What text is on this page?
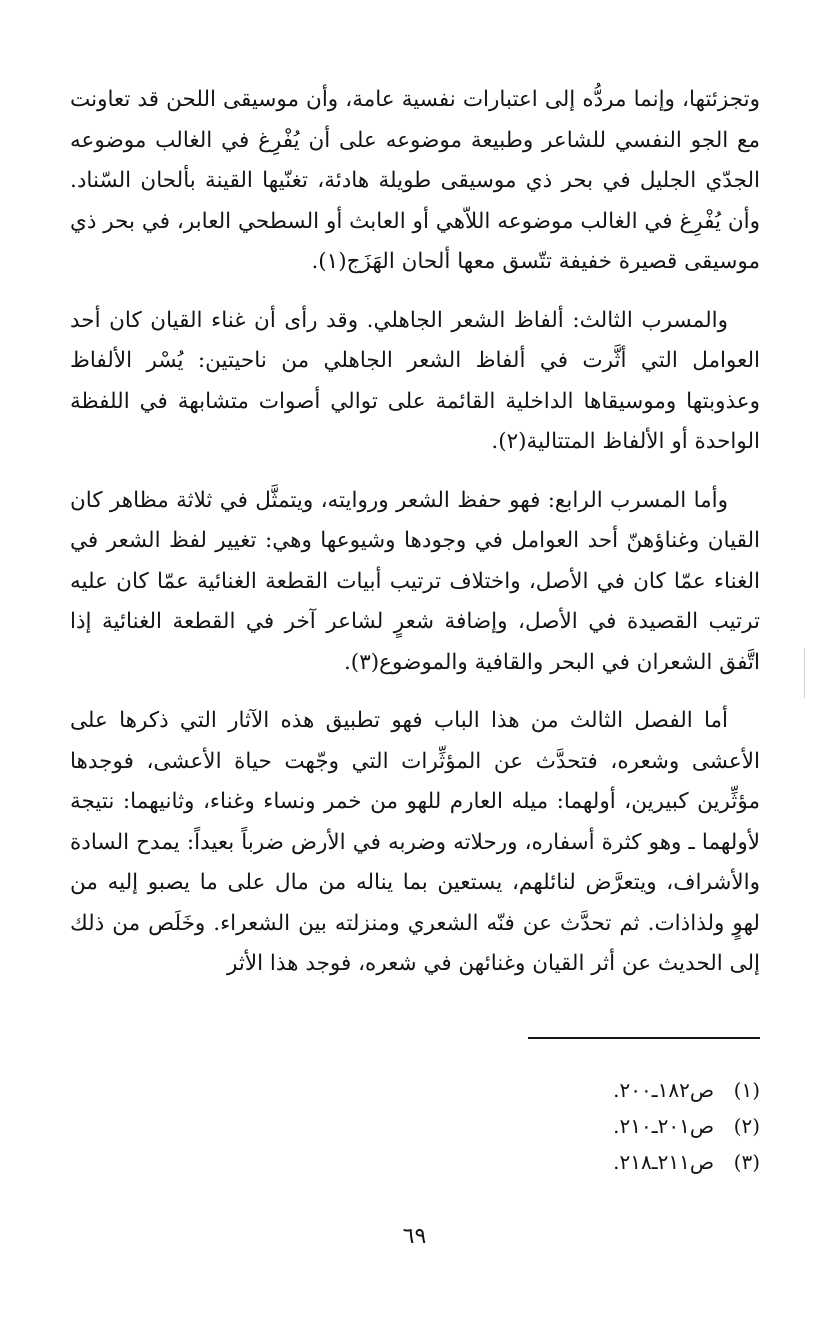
وتجزئتها، وإنما مردُّه إلى اعتبارات نفسية عامة، وأن موسيقى اللحن قد تعاونت مع الجو النفسي للشاعر وطبيعة موضوعه على أن يُفْرِغ في الغالب موضوعه الجدّي الجليل في بحر ذي موسيقى طويلة هادئة، تغنّيها القينة بألحان السّناد. وأن يُفْرِغ في الغالب موضوعه اللاّهي أو العابث أو السطحي العابر، في بحر ذي موسيقى قصيرة خفيفة تتّسق معها ألحان الهَزَج(١).

والمسرب الثالث: ألفاظ الشعر الجاهلي. وقد رأى أن غناء القيان كان أحد العوامل التي أثَّرت في ألفاظ الشعر الجاهلي من ناحيتين: يُسْر الألفاظ وعذوبتها وموسيقاها الداخلية القائمة على توالي أصوات متشابهة في اللفظة الواحدة أو الألفاظ المتتالية(٢).

وأما المسرب الرابع: فهو حفظ الشعر وروايته، ويتمثَّل في ثلاثة مظاهر كان القيان وغناؤهنّ أحد العوامل في وجودها وشيوعها وهي: تغيير لفظ الشعر في الغناء عمّا كان في الأصل، واختلاف ترتيب أبيات القطعة الغنائية عمّا كان عليه ترتيب القصيدة في الأصل، وإضافة شعرٍ لشاعر آخر في القطعة الغنائية إذا اتَّفق الشعران في البحر والقافية والموضوع(٣).

أما الفصل الثالث من هذا الباب فهو تطبيق هذه الآثار التي ذكرها على الأعشى وشعره، فتحدَّث عن المؤثِّرات التي وجّهت حياة الأعشى، فوجدها مؤثِّرين كبيرين، أولهما: ميله العارم للهو من خمر ونساء وغناء، وثانيهما: نتيجة لأولهما ـ وهو كثرة أسفاره، ورحلاته وضربه في الأرض ضرباً بعيداً: يمدح السادة والأشراف، ويتعرَّض لنائلهم، يستعين بما يناله من مال على ما يصبو إليه من لهوٍ ولذاذات. ثم تحدَّث عن فنّه الشعري ومنزلته بين الشعراء. وخَلَص من ذلك إلى الحديث عن أثر القيان وغنائهن في شعره، فوجد هذا الأثر

(١)
ص١٨٢ـ٢٠٠.
(٢)
ص٢٠١ـ٢١٠.
(٣)
ص٢١١ـ٢١٨.
٦٩
